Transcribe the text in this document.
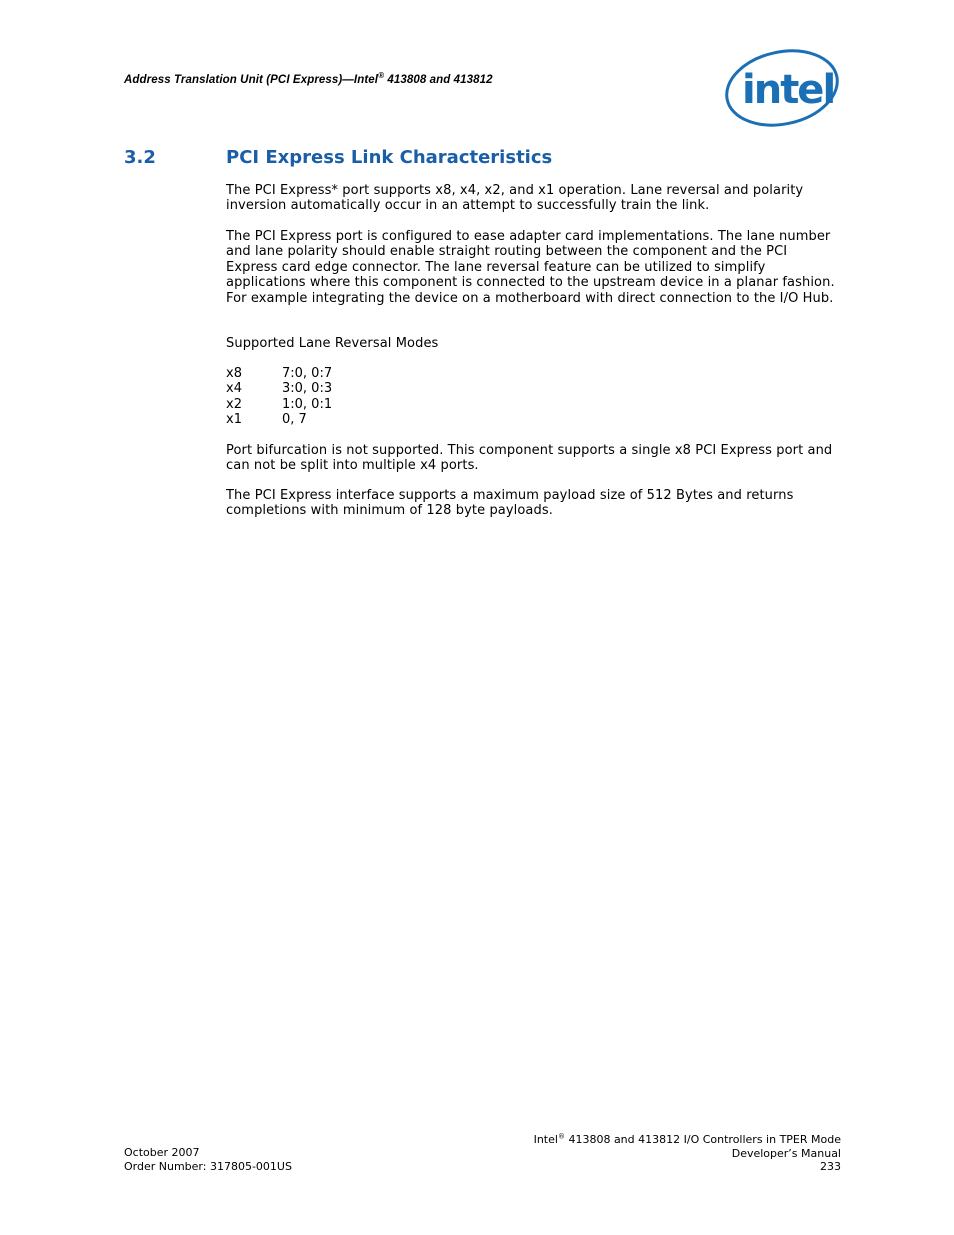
Address Translation Unit (PCI Express)—Intel® 413808 and 413812	intel
3.2	PCI Express Link Characteristics

The PCI Express* port supports x8, x4, x2, and x1 operation. Lane reversal and polarity inversion automatically occur in an attempt to successfully train the link.

The PCI Express port is configured to ease adapter card implementations. The lane number and lane polarity should enable straight routing between the component and the PCI Express card edge connector. The lane reversal feature can be utilized to simplify applications where this component is connected to the upstream device in a planar fashion. For example integrating the device on a motherboard with direct connection to the I/O Hub.

Supported Lane Reversal Modes

x8	7:0, 0:7
x4	3:0, 0:3
x2	1:0, 0:1
x1	0, 7

Port bifurcation is not supported. This component supports a single x8 PCI Express port and can not be split into multiple x4 ports.

The PCI Express interface supports a maximum payload size of 512 Bytes and returns completions with minimum of 128 byte payloads.

October 2007
Order Number: 317805-001US
Intel® 413808 and 413812 I/O Controllers in TPER Mode
Developer’s Manual
233
